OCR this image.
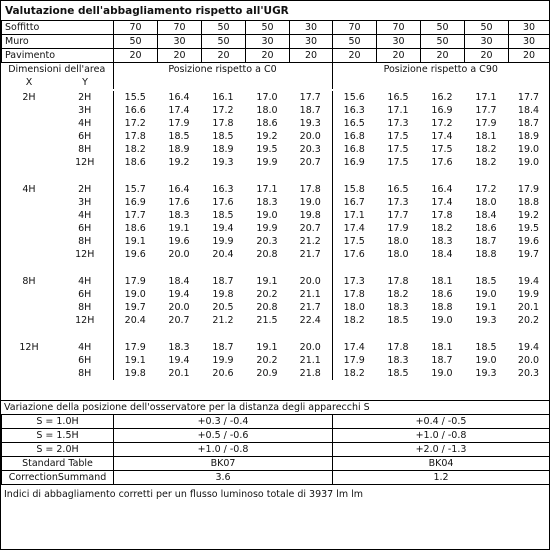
Valutazione dell'abbagliamento rispetto all'UGR
Soffitto	70	70	50	50	30	70	70	50	50	30
Muro	50	30	50	30	30	50	30	50	30	30
Pavimento	20	20	20	20	20	20	20	20	20	20
Dimensioni dell'area	Posizione rispetto a C0	Posizione rispetto a C90
X Y		
2H	2H	15.5	16.4	16.1	17.0	17.7	15.6	16.5	16.2	17.1	17.7
	3H	16.6	17.4	17.2	18.0	18.7	16.3	17.1	16.9	17.7	18.4
	4H	17.2	17.9	17.8	18.6	19.3	16.5	17.3	17.2	17.9	18.7
	6H	17.8	18.5	18.5	19.2	20.0	16.8	17.5	17.4	18.1	18.9
	8H	18.2	18.9	18.9	19.5	20.3	16.8	17.5	17.5	18.2	19.0
	12H	18.6	19.2	19.3	19.9	20.7	16.9	17.5	17.6	18.2	19.0

4H	2H	15.7	16.4	16.3	17.1	17.8	15.8	16.5	16.4	17.2	17.9
	3H	16.9	17.6	17.6	18.3	19.0	16.7	17.3	17.4	18.0	18.8
	4H	17.7	18.3	18.5	19.0	19.8	17.1	17.7	17.8	18.4	19.2
	6H	18.6	19.1	19.4	19.9	20.7	17.4	17.9	18.2	18.6	19.5
	8H	19.1	19.6	19.9	20.3	21.2	17.5	18.0	18.3	18.7	19.6
	12H	19.6	20.0	20.4	20.8	21.7	17.6	18.0	18.4	18.8	19.7

8H	4H	17.9	18.4	18.7	19.1	20.0	17.3	17.8	18.1	18.5	19.4
	6H	19.0	19.4	19.8	20.2	21.1	17.8	18.2	18.6	19.0	19.9
	8H	19.7	20.0	20.5	20.8	21.7	18.0	18.3	18.8	19.1	20.1
	12H	20.4	20.7	21.2	21.5	22.4	18.2	18.5	19.0	19.3	20.2

12H	4H	17.9	18.3	18.7	19.1	20.0	17.4	17.8	18.1	18.5	19.4
	6H	19.1	19.4	19.9	20.2	21.1	17.9	18.3	18.7	19.0	20.0
	8H	19.8	20.1	20.6	20.9	21.8	18.2	18.5	19.0	19.3	20.3
Variazione della posizione dell'osservatore per la distanza degli apparecchi S
S = 1.0H	+0.3 / -0.4	+0.4 / -0.5
S = 1.5H	+0.5 / -0.6	+1.0 / -0.8
S = 2.0H	+1.0 / -0.8	+2.0 / -1.3
Standard Table	BK07	BK04
CorrectionSummand	3.6	1.2
Indici di abbagliamento corretti per un flusso luminoso totale di 3937 lm lm
